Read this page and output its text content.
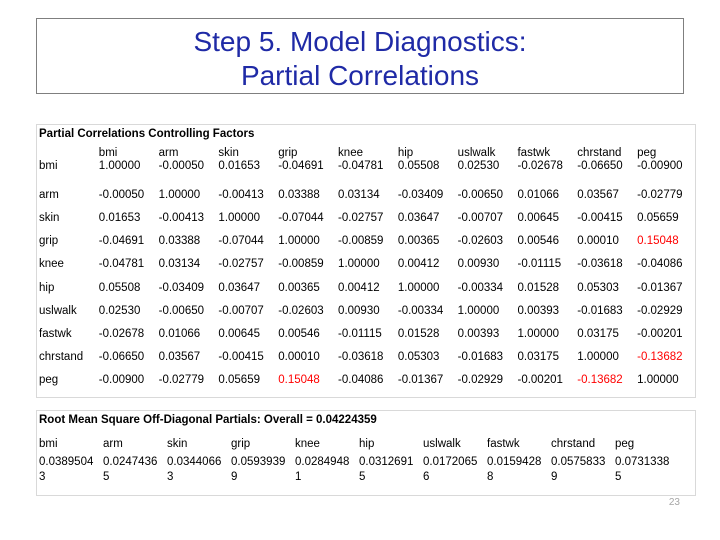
Step 5. Model Diagnostics:
Partial Correlations
Partial Correlations Controlling Factors
	bmi	arm	skin	grip	knee	hip	uslwalk	fastwk	chrstand	peg
bmi	1.00000	-0.00050	0.01653	-0.04691	-0.04781	0.05508	0.02530	-0.02678	-0.06650	-0.00900
arm	-0.00050	1.00000	-0.00413	0.03388	0.03134	-0.03409	-0.00650	0.01066	0.03567	-0.02779
skin	0.01653	-0.00413	1.00000	-0.07044	-0.02757	0.03647	-0.00707	0.00645	-0.00415	0.05659
grip	-0.04691	0.03388	-0.07044	1.00000	-0.00859	0.00365	-0.02603	0.00546	0.00010	0.15048
knee	-0.04781	0.03134	-0.02757	-0.00859	1.00000	0.00412	0.00930	-0.01115	-0.03618	-0.04086
hip	0.05508	-0.03409	0.03647	0.00365	0.00412	1.00000	-0.00334	0.01528	0.05303	-0.01367
uslwalk	0.02530	-0.00650	-0.00707	-0.02603	0.00930	-0.00334	1.00000	0.00393	-0.01683	-0.02929
fastwk	-0.02678	0.01066	0.00645	0.00546	-0.01115	0.01528	0.00393	1.00000	0.03175	-0.00201
chrstand	-0.06650	0.03567	-0.00415	0.00010	-0.03618	0.05303	-0.01683	0.03175	1.00000	-0.13682
peg	-0.00900	-0.02779	0.05659	0.15048	-0.04086	-0.01367	-0.02929	-0.00201	-0.13682	1.00000
Root Mean Square Off-Diagonal Partials: Overall = 0.04224359
bmi	arm	skin	grip	knee	hip	uslwalk	fastwk	chrstand	peg
0.0389504 3	0.0247436 5	0.0344066 3	0.0593939 9	0.0284948 1	0.0312691 5	0.0172065 6	0.0159428 8	0.0575833 9	0.0731338 5
23
